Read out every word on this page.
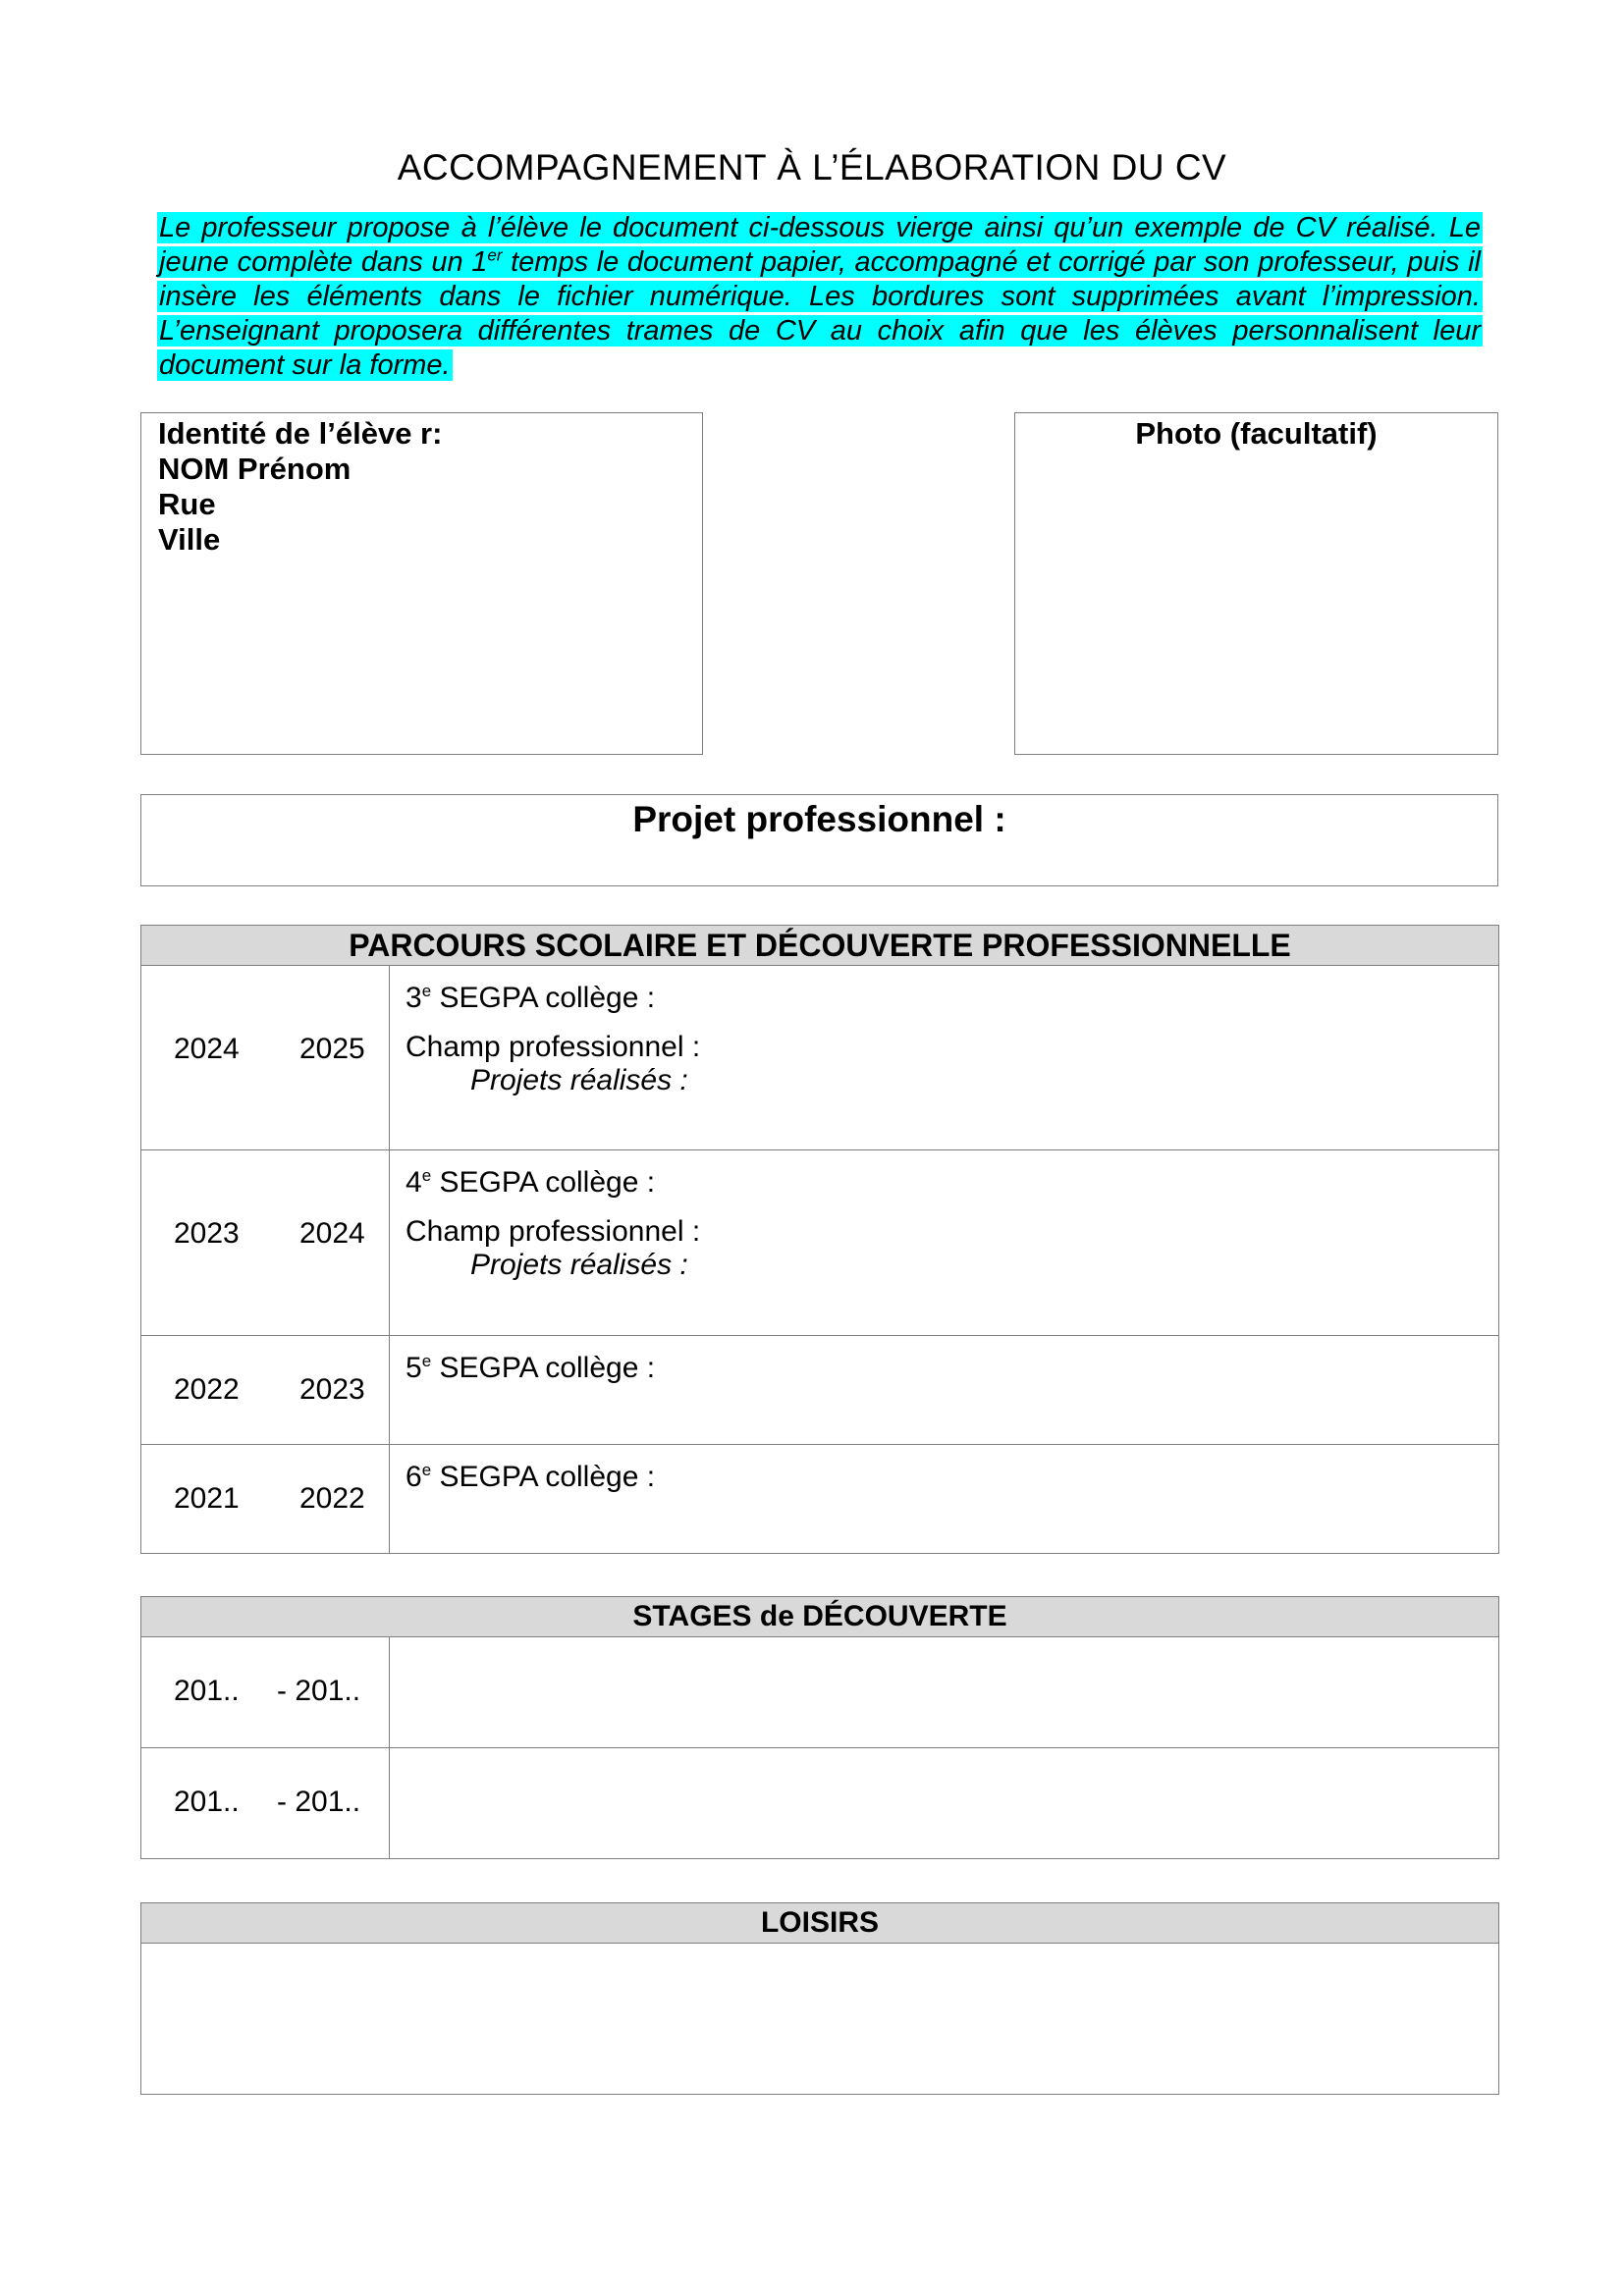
ACCOMPAGNEMENT À L’ÉLABORATION DU CV
Le professeur propose à l’élève le document ci-dessous vierge ainsi qu’un exemple de CV réalisé. Le jeune complète dans un 1er temps le document papier, accompagné et corrigé par son professeur, puis il insère les éléments dans le fichier numérique. Les bordures sont supprimées avant l’impression. L’enseignant proposera différentes trames de CV au choix afin que les élèves personnalisent leur document sur la forme.
Identité de l’élève r:
NOM Prénom
Rue
Ville
Photo (facultatif)
Projet professionnel :
PARCOURS SCOLAIRE ET DÉCOUVERTE PROFESSIONNELLE	

2024 2025	3e SEGPA collège :
Champ professionnel :
Projets réalisés :

2023 2024	4e SEGPA collège :
Champ professionnel :
Projets réalisés :

2022 2023	5e SEGPA collège :

2021 2022	6e SEGPA collège :
STAGES de DÉCOUVERTE	

201.. - 201..	

201.. - 201..	

LOISIRS
